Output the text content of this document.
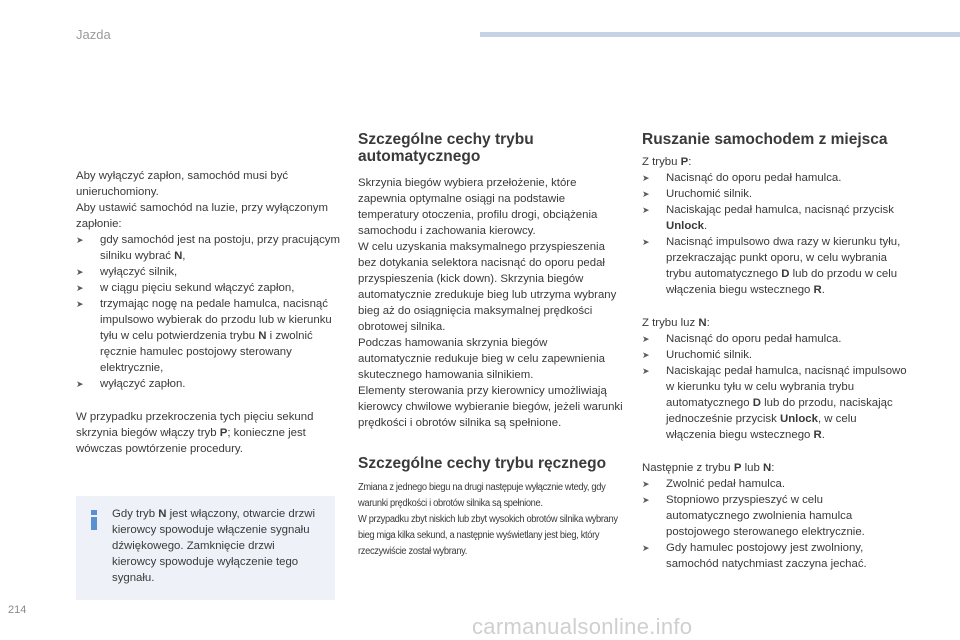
Jazda

Aby wyłączyć zapłon, samochód musi być unieruchomiony.

Aby ustawić samochód na luzie, przy wyłączonym zapłonie:

➤ gdy samochód jest na postoju, przy pracującym silniku wybrać N,
➤ wyłączyć silnik,
➤ w ciągu pięciu sekund włączyć zapłon,
➤ trzymając nogę na pedale hamulca, nacisnąć impulsowo wybierak do przodu lub w kierunku tyłu w celu potwierdzenia trybu N i zwolnić ręcznie hamulec postojowy sterowany elektrycznie,
➤ wyłączyć zapłon.

W przypadku przekroczenia tych pięciu sekund skrzynia biegów włączy tryb P; konieczne jest wówczas powtórzenie procedury.

Gdy tryb N jest włączony, otwarcie drzwi kierowcy spowoduje włączenie sygnału dźwiękowego. Zamknięcie drzwi kierowcy spowoduje wyłączenie tego sygnału.
Szczególne cechy trybu automatycznego

Skrzynia biegów wybiera przełożenie, które zapewnia optymalne osiągi na podstawie temperatury otoczenia, profilu drogi, obciążenia samochodu i zachowania kierowcy.

W celu uzyskania maksymalnego przyspieszenia bez dotykania selektora nacisnąć do oporu pedał przyspieszenia (kick down). Skrzynia biegów automatycznie zredukuje bieg lub utrzyma wybrany bieg aż do osiągnięcia maksymalnej prędkości obrotowej silnika.

Podczas hamowania skrzynia biegów automatycznie redukuje bieg w celu zapewnienia skutecznego hamowania silnikiem.

Elementy sterowania przy kierownicy umożliwiają kierowcy chwilowe wybieranie biegów, jeżeli warunki prędkości i obrotów silnika są spełnione.

Szczególne cechy trybu ręcznego

Zmiana z jednego biegu na drugi następuje wyłącznie wtedy, gdy warunki prędkości i obrotów silnika są spełnione.

W przypadku zbyt niskich lub zbyt wysokich obrotów silnika wybrany bieg miga kilka sekund, a następnie wyświetlany jest bieg, który rzeczywiście został wybrany.

Ruszanie samochodem z miejsca

Z trybu P:

➤ Nacisnąć do oporu pedał hamulca.
➤ Uruchomić silnik.
➤ Naciskając pedał hamulca, nacisnąć przycisk Unlock.
➤ Nacisnąć impulsowo dwa razy w kierunku tyłu, przekraczając punkt oporu, w celu wybrania trybu automatycznego D lub do przodu w celu włączenia biegu wstecznego R.

Z trybu luz N:

➤ Nacisnąć do oporu pedał hamulca.
➤ Uruchomić silnik.
➤ Naciskając pedał hamulca, nacisnąć impulsowo w kierunku tyłu w celu wybrania trybu automatycznego D lub do przodu, naciskając jednocześnie przycisk Unlock, w celu włączenia biegu wstecznego R.

Następnie z trybu P lub N:

➤ Zwolnić pedał hamulca.
➤ Stopniowo przyspieszyć w celu automatycznego zwolnienia hamulca postojowego sterowanego elektrycznie.
➤ Gdy hamulec postojowy jest zwolniony, samochód natychmiast zaczyna jechać.
214
carmanualsonline.info
